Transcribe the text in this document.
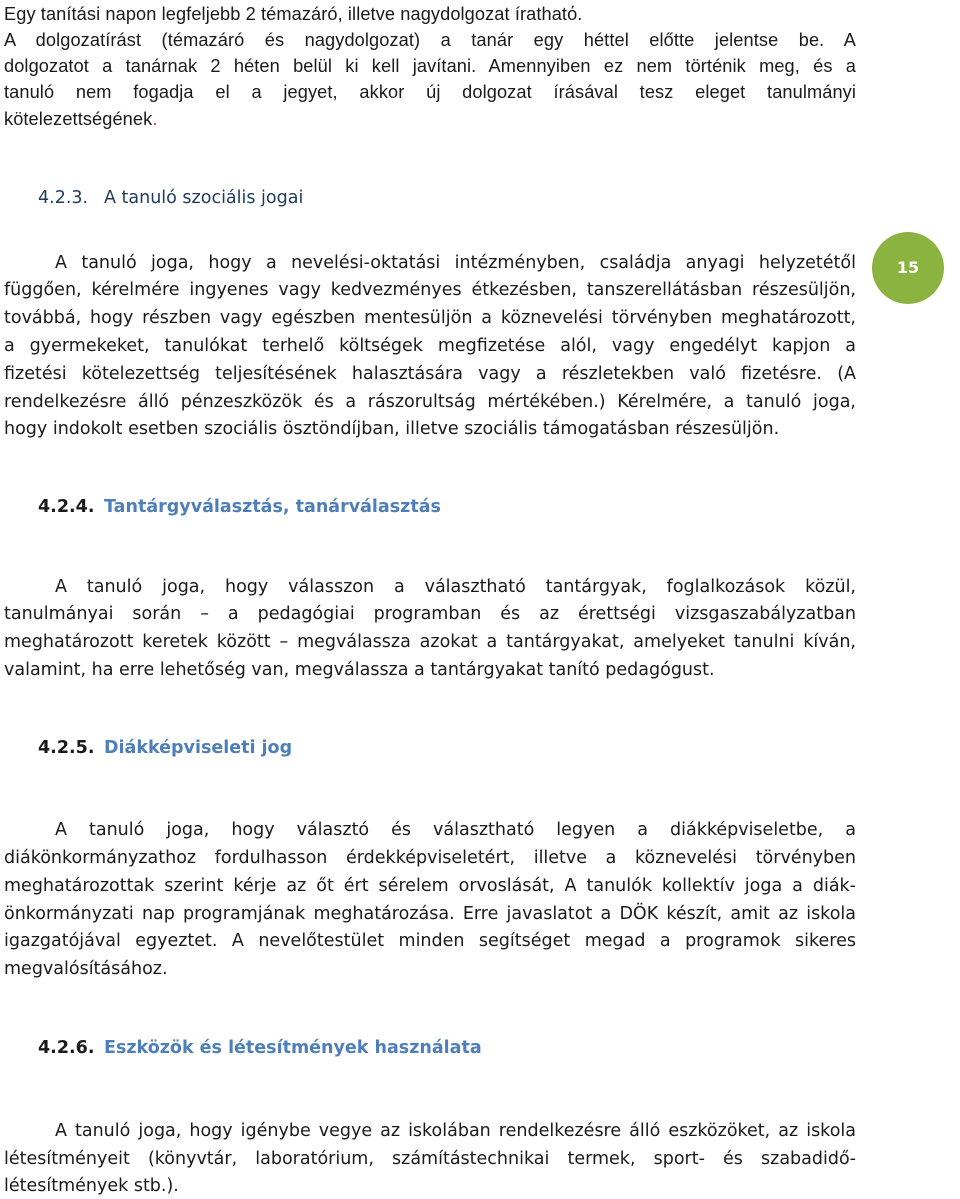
Egy tanítási napon legfeljebb 2 témazáró, illetve nagydolgozat írathatό.
A dolgozatírást (témazáró és nagydolgozat) a tanár egy héttel előtte jelentse be. A
dolgozatot a tanárnak 2 héten belül ki kell javítani. Amennyiben ez nem történik meg, és a
tanuló nem fogadja el a jegyet, akkor új dolgozat írásával tesz eleget tanulmányi
kötelezettségének.
4.2.3. A tanuló szociális jogai
A tanuló joga, hogy a nevelési-oktatási intézményben, családja anyagi helyzetétől
függően, kérelmére ingyenes vagy kedvezményes étkezésben, tanszerellátásban részesüljön,
továbbá, hogy részben vagy egészben mentesüljön a köznevelési törvényben meghatározott,
a gyermekeket, tanulókat terhelő költségek megfizetése alól, vagy engedélyt kapjon a
fizetési kötelezettség teljesítésének halasztására vagy a részletekben való fizetésre. (A
rendelkezésre álló pénzeszközök és a rászorultság mértékében.) Kérelmére, a tanuló joga,
hogy indokolt esetben szociális ösztöndíjban, illetve szociális támogatásban részesüljön.
15
4.2.4. Tantárgyválasztás, tanárválasztás
A tanuló joga, hogy válasszon a választható tantárgyak, foglalkozások közül,
tanulmányai során – a pedagógiai programban és az érettségi vizsgaszabályzatban
meghatározott keretek között – megválassza azokat a tantárgyakat, amelyeket tanulni kíván,
valamint, ha erre lehetőség van, megválassza a tantárgyakat tanító pedagógust.
4.2.5. Diákképviseleti jog
A tanuló joga, hogy választó és választható legyen a diákképviseletbe, a
diákönkormányzathoz fordulhasson érdekképviseletért, illetve a köznevelési törvényben
meghatározottak szerint kérje az őt ért sérelem orvoslását, A tanulók kollektív joga a diák-
önkormányzati nap programjának meghatározása. Erre javaslatot a DÖK készít, amit az iskola
igazgatójával egyeztet. A nevelőtestület minden segítséget megad a programok sikeres
megvalósításához.
4.2.6. Eszközök és létesítmények használata
A tanuló joga, hogy igénybe vegye az iskolában rendelkezésre álló eszközöket, az iskola
létesítményeit (könyvtár, laboratórium, számítástechnikai termek, sport- és szabadidő-
létesítmények stb.).
